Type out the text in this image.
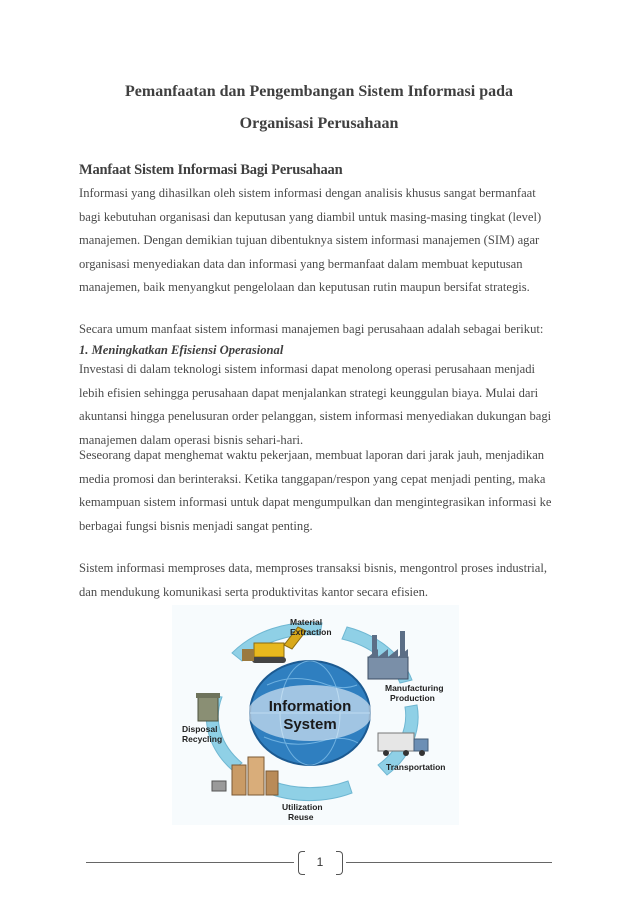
Pemanfaatan dan Pengembangan Sistem Informasi pada
Organisasi Perusahaan
Manfaat Sistem Informasi Bagi Perusahaan
Informasi yang dihasilkan oleh sistem informasi dengan analisis khusus sangat bermanfaat
bagi kebutuhan organisasi dan keputusan yang diambil untuk masing-masing tingkat (level)
manajemen. Dengan demikian tujuan dibentuknya sistem informasi manajemen (SIM) agar
organisasi menyediakan data dan informasi yang bermanfaat dalam membuat keputusan
manajemen, baik menyangkut pengelolaan dan keputusan rutin maupun bersifat strategis.
Secara umum manfaat sistem informasi manajemen bagi perusahaan adalah sebagai berikut:
1. Meningkatkan Efisiensi Operasional
Investasi di dalam teknologi sistem informasi dapat menolong operasi perusahaan menjadi
lebih efisien sehingga perusahaan dapat menjalankan strategi keunggulan biaya. Mulai dari
akuntansi hingga penelusuran order pelanggan, sistem informasi menyediakan dukungan bagi
manajemen dalam operasi bisnis sehari-hari.
Seseorang dapat menghemat waktu pekerjaan, membuat laporan dari jarak jauh, menjadikan
media promosi dan berinteraksi. Ketika tanggapan/respon yang cepat menjadi penting, maka
kemampuan sistem informasi untuk dapat mengumpulkan dan mengintegrasikan informasi ke
berbagai fungsi bisnis menjadi sangat penting.
Sistem informasi memproses data, memproses transaksi bisnis, mengontrol proses industrial,
dan mendukung komunikasi serta produktivitas kantor secara efisien.
Information
System
Material
Extraction
Manufacturing
Production
Transportation
Utilization
Reuse
Disposal
Recycling
1
